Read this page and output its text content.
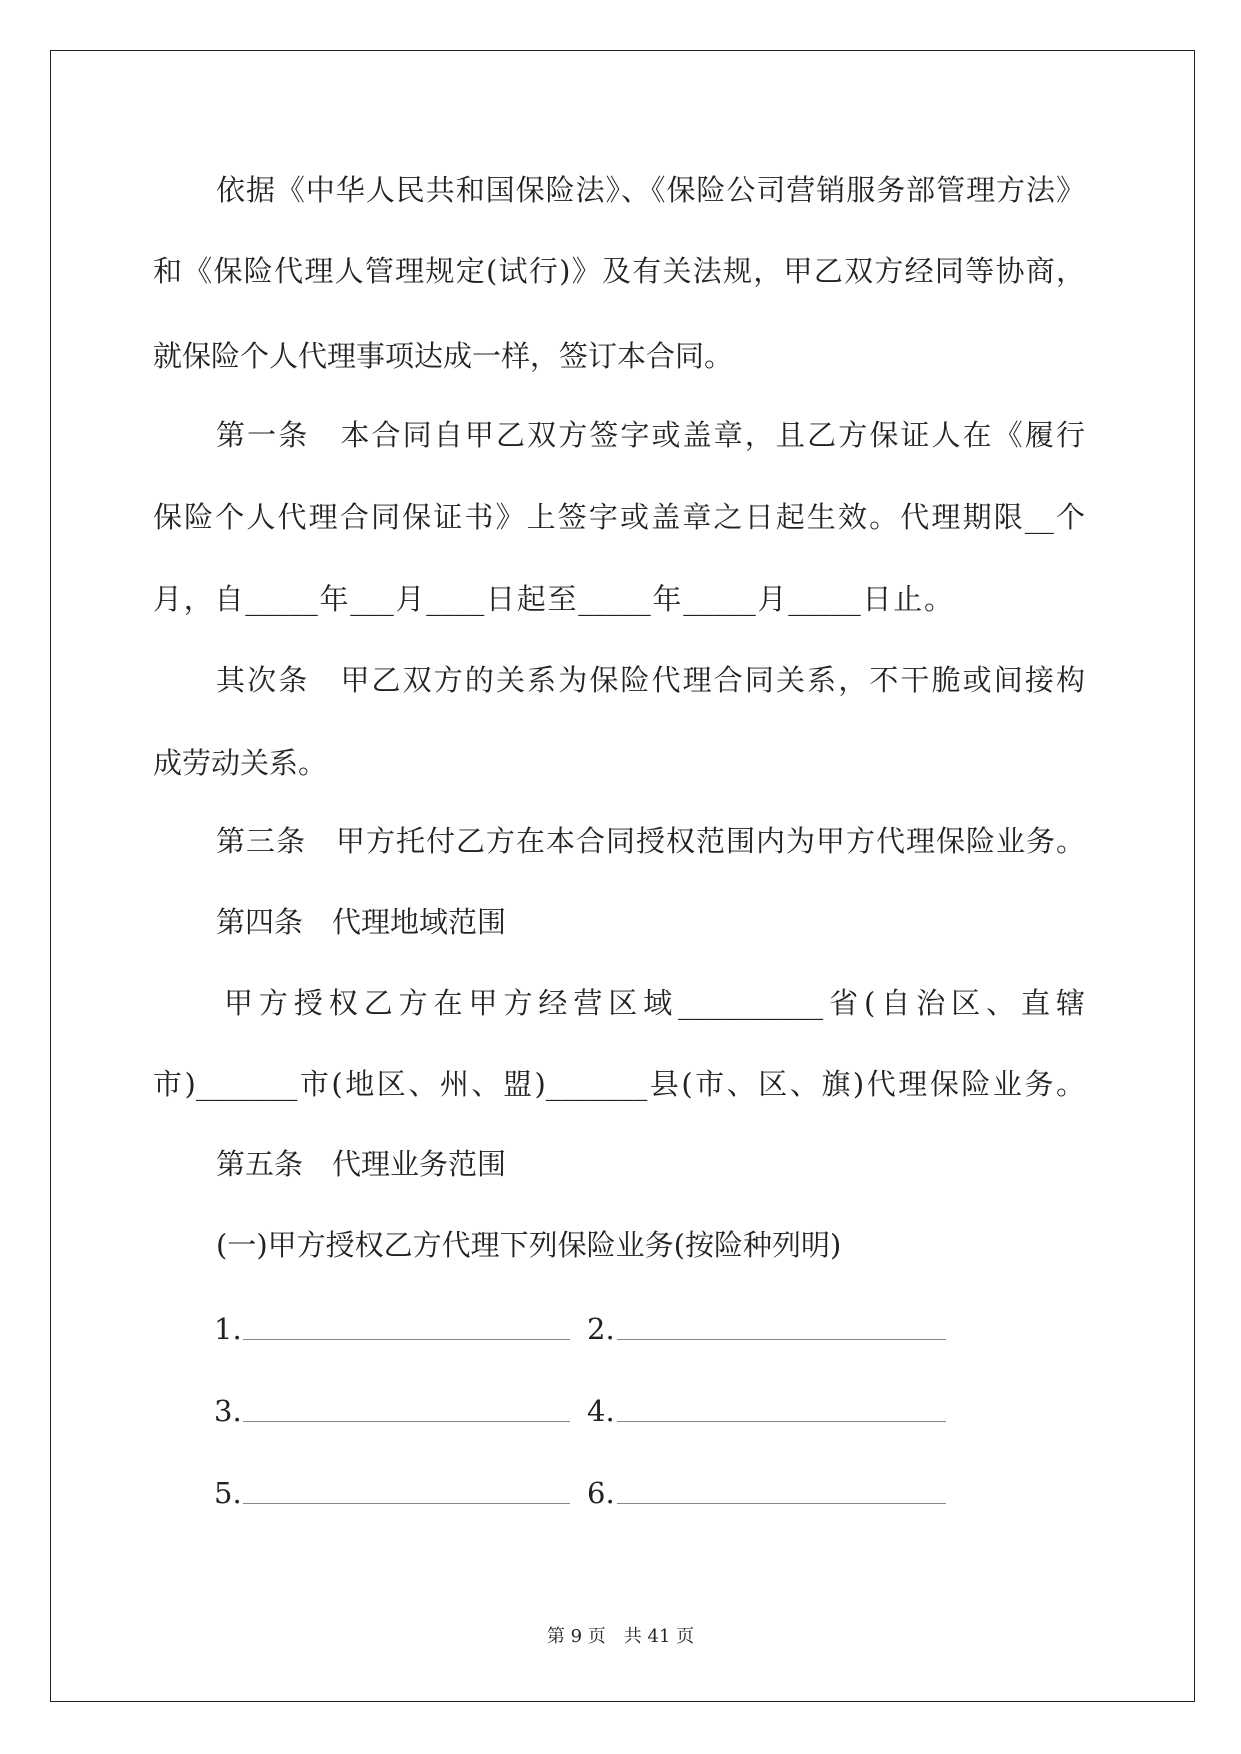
依据《中华人民共和国保险法》、《保险公司营销服务部管理方法》
和《保险代理人管理规定(试行)》及有关法规，甲乙双方经同等协商，
就保险个人代理事项达成一样，签订本合同。
第一条　本合同自甲乙双方签字或盖章，且乙方保证人在《履行
保险个人代理合同保证书》上签字或盖章之日起生效。代理期限__个
月，自_____年___月____日起至_____年_____月_____日止。
其次条　甲乙双方的关系为保险代理合同关系，不干脆或间接构
成劳动关系。
第三条　甲方托付乙方在本合同授权范围内为甲方代理保险业务。
第四条　代理地域范围
甲方授权乙方在甲方经营区域__________省(自治区、直辖
市)_______市(地区、州、盟)_______县(市、区、旗)代理保险业务。
第五条　代理业务范围
(一)甲方授权乙方代理下列保险业务(按险种列明)
1.	2.
3.	4.
5.	6.
第 9 页　共 41 页
